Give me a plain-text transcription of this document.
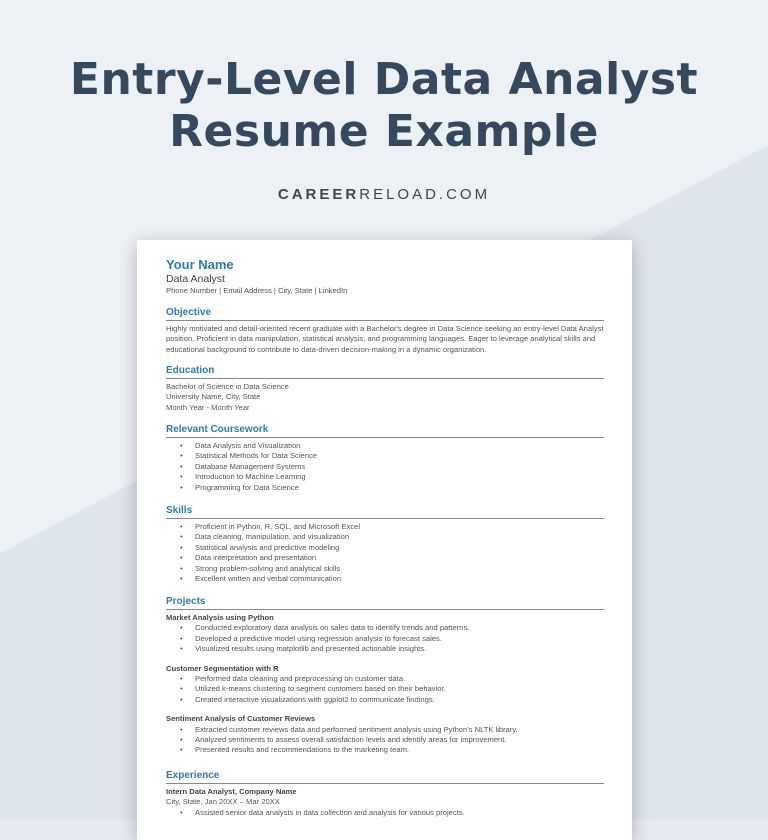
Entry-Level Data Analyst
Resume Example
CAREERRELOAD.COM
Your Name
Data Analyst
Phone Number | Email Address | City, State | LinkedIn
Objective
Highly motivated and detail-oriented recent graduate with a Bachelor's degree in Data Science seeking an entry-level Data Analyst position. Proficient in data manipulation, statistical analysis, and programming languages. Eager to leverage analytical skills and educational background to contribute to data-driven decision-making in a dynamic organization.
Education
Bachelor of Science in Data Science
University Name, City, State
Month Year - Month Year
Relevant Coursework
• Data Analysis and Visualization
• Statistical Methods for Data Science
• Database Management Systems
• Introduction to Machine Learning
• Programming for Data Science
Skills
• Proficient in Python, R, SQL, and Microsoft Excel
• Data cleaning, manipulation, and visualization
• Statistical analysis and predictive modeling
• Data interpretation and presentation
• Strong problem-solving and analytical skills
• Excellent written and verbal communication
Projects
Market Analysis using Python
• Conducted exploratory data analysis on sales data to identify trends and patterns.
• Developed a predictive model using regression analysis to forecast sales.
• Visualized results using matplotlib and presented actionable insights.
Customer Segmentation with R
• Performed data cleaning and preprocessing on customer data.
• Utilized k-means clustering to segment customers based on their behavior.
• Created interactive visualizations with ggplot2 to communicate findings.
Sentiment Analysis of Customer Reviews
• Extracted customer reviews data and performed sentiment analysis using Python's NLTK library.
• Analyzed sentiments to assess overall satisfaction levels and identify areas for improvement.
• Presented results and recommendations to the marketing team.
Experience
Intern Data Analyst, Company Name
City, State, Jan 20XX – Mar 20XX
• Assisted senior data analysts in data collection and analysis for various projects.
